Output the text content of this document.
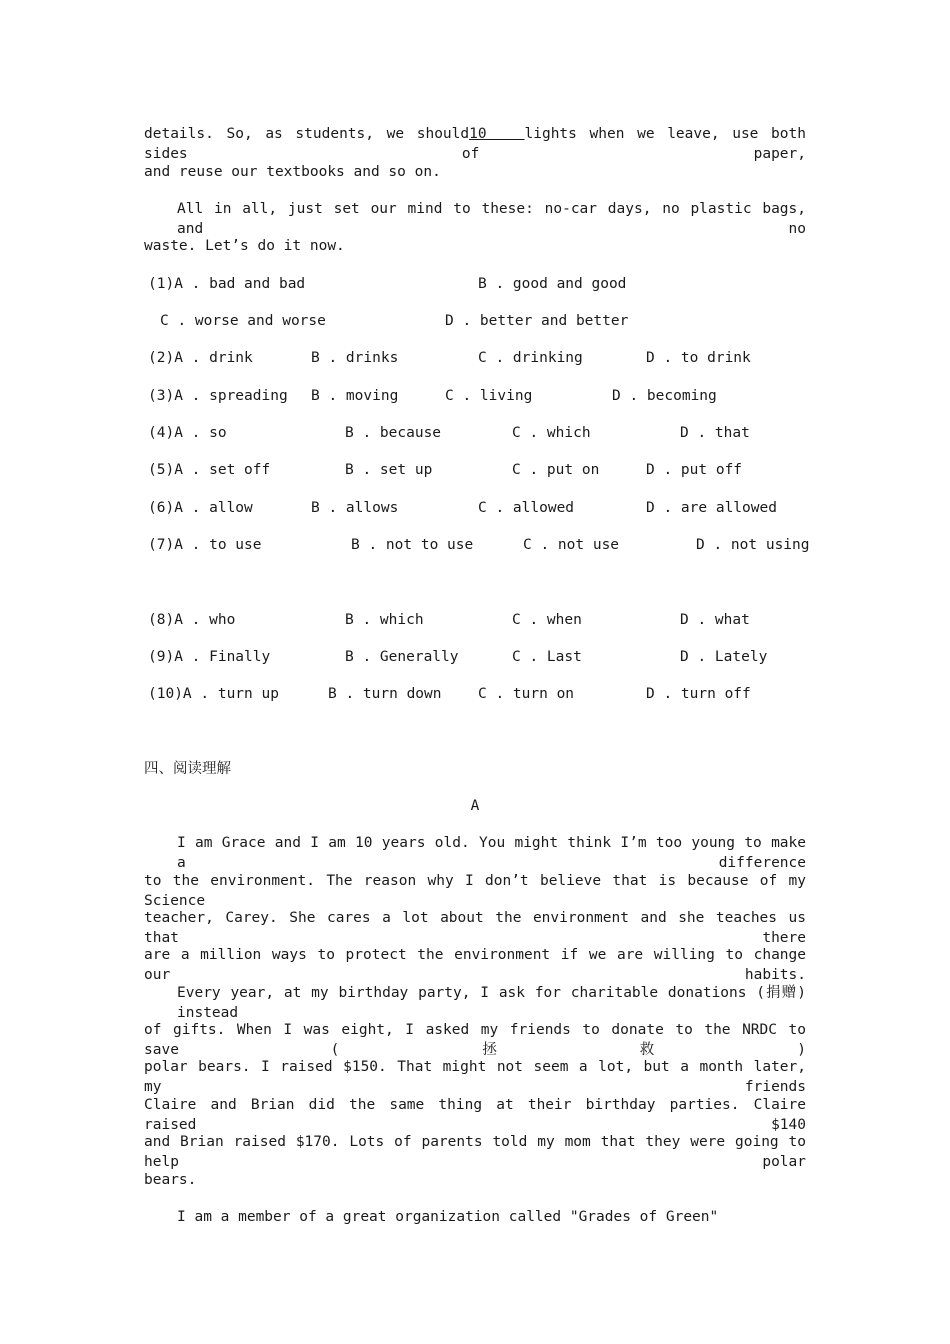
details. So, as students, we should10	lights when we leave, use both sides of paper,
and reuse our textbooks and so on.
All in all, just set our mind to these: no-car days, no plastic bags, and no
waste. Let’s do it now.
(1)A . bad and bad	B . good and good
C . worse and worse	D . better and better
(2)A . drink	B . drinks	C . drinking	D . to drink
(3)A . spreading B . moving	C . living	D . becoming
(4)A . so	B . because	C . which	D . that
(5)A . set off	B . set up	C . put on	D . put off
(6)A . allow	B . allows	C . allowed	D . are allowed
(7)A . to use	B . not to use	C . not use	D . not using
(8)A . who	B . which	C . when	D . what
(9)A . Finally	B . Generally	C . Last	D . Lately
(10)A . turn up	B . turn down	C . turn on	D . turn off
四、阅读理解
A
I am Grace and I am 10 years old. You might think I’m too young to make a difference
to the environment. The reason why I don’t believe that is because of my Science
teacher, Carey. She cares a lot about the environment and she teaches us that there
are a million ways to protect the environment if we are willing to change our habits.
Every year, at my birthday party, I ask for charitable donations (捐赠) instead
of gifts. When I was eight, I asked my friends to donate to the NRDC to save (拯救)
polar bears. I raised $150. That might not seem a lot, but a month later, my friends
Claire and Brian did the same thing at their birthday parties. Claire raised $140
and Brian raised $170. Lots of parents told my mom that they were going to help polar
bears.
I am a member of a great organization called "Grades of Green"
